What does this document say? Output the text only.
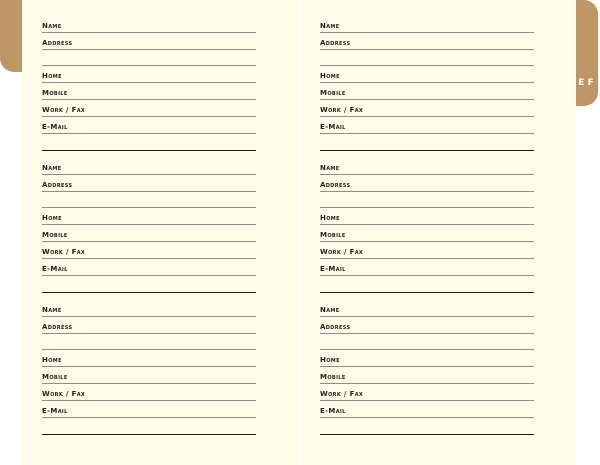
E F
Name
Address
Home
Mobile
Work / Fax
E-Mail
Name
Address
Home
Mobile
Work / Fax
E-Mail
Name
Address
Home
Mobile
Work / Fax
E-Mail
Name
Address
Home
Mobile
Work / Fax
E-Mail
Name
Address
Home
Mobile
Work / Fax
E-Mail
Name
Address
Home
Mobile
Work / Fax
E-Mail
